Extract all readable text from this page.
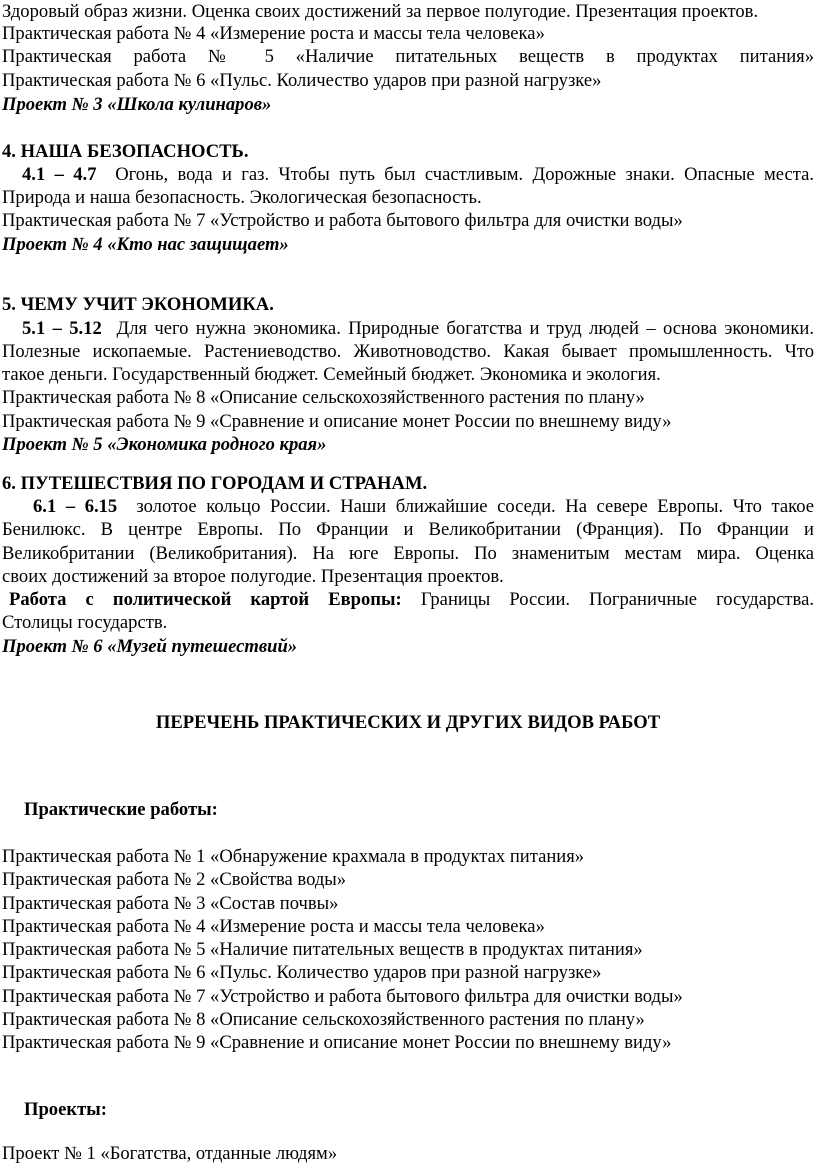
Здоровый образ жизни. Оценка своих достижений за первое полугодие. Презентация проектов.
Практическая работа № 4 «Измерение роста и массы тела человека»
Практическая работа № 5 «Наличие питательных веществ в продуктах питания»
Практическая работа № 6 «Пульс. Количество ударов при разной нагрузке»
Проект № 3 «Школа кулинаров»
4. НАША БЕЗОПАСНОСТЬ.
4.1 – 4.7 Огонь, вода и газ. Чтобы путь был счастливым. Дорожные знаки. Опасные места.
Природа и наша безопасность. Экологическая безопасность.
Практическая работа № 7 «Устройство и работа бытового фильтра для очистки воды»
Проект № 4 «Кто нас защищает»
5. ЧЕМУ УЧИТ ЭКОНОМИКА.
5.1 – 5.12 Для чего нужна экономика. Природные богатства и труд людей – основа экономики.
Полезные ископаемые. Растениеводство. Животноводство. Какая бывает промышленность. Что
такое деньги. Государственный бюджет. Семейный бюджет. Экономика и экология.
Практическая работа № 8 «Описание сельскохозяйственного растения по плану»
Практическая работа № 9 «Сравнение и описание монет России по внешнему виду»
Проект № 5 «Экономика родного края»
6. ПУТЕШЕСТВИЯ ПО ГОРОДАМ И СТРАНАМ.
6.1 – 6.15 золотое кольцо России. Наши ближайшие соседи. На севере Европы. Что такое
Бенилюкс. В центре Европы. По Франции и Великобритании (Франция). По Франции и
Великобритании (Великобритания). На юге Европы. По знаменитым местам мира. Оценка
своих достижений за второе полугодие. Презентация проектов.
Работа с политической картой Европы: Границы России. Пограничные государства.
Столицы государств.
Проект № 6 «Музей путешествий»
ПЕРЕЧЕНЬ ПРАКТИЧЕСКИХ И ДРУГИХ ВИДОВ РАБОТ
Практические работы:
Практическая работа № 1 «Обнаружение крахмала в продуктах питания»
Практическая работа № 2 «Свойства воды»
Практическая работа № 3 «Состав почвы»
Практическая работа № 4 «Измерение роста и массы тела человека»
Практическая работа № 5 «Наличие питательных веществ в продуктах питания»
Практическая работа № 6 «Пульс. Количество ударов при разной нагрузке»
Практическая работа № 7 «Устройство и работа бытового фильтра для очистки воды»
Практическая работа № 8 «Описание сельскохозяйственного растения по плану»
Практическая работа № 9 «Сравнение и описание монет России по внешнему виду»
Проекты:
Проект № 1 «Богатства, отданные людям»
